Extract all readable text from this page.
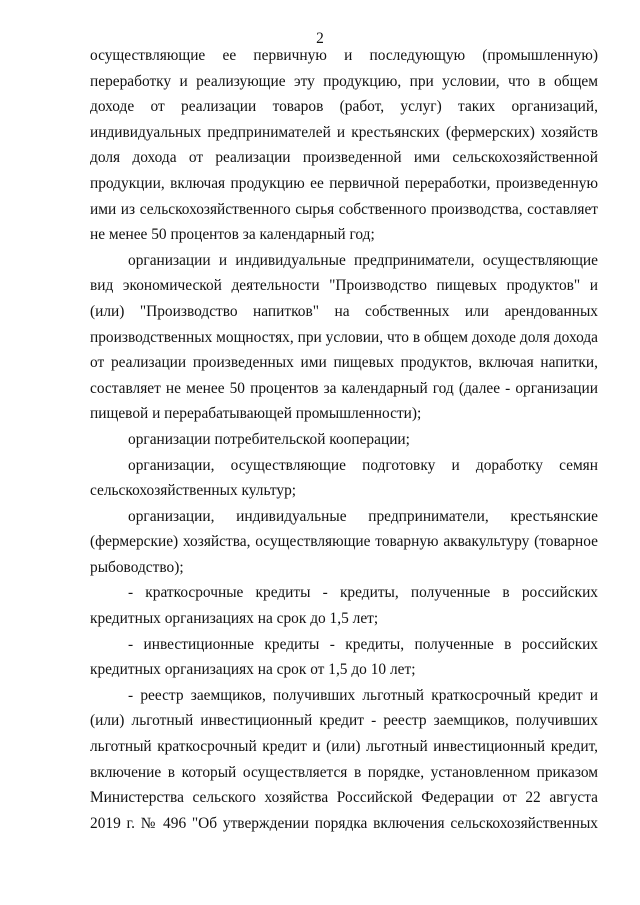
2
осуществляющие ее первичную и последующую (промышленную)
переработку и реализующие эту продукцию, при условии, что в общем
доходе от реализации товаров (работ, услуг) таких организаций,
индивидуальных предпринимателей и крестьянских (фермерских) хозяйств
доля дохода от реализации произведенной ими сельскохозяйственной
продукции, включая продукцию ее первичной переработки, произведенную
ими из сельскохозяйственного сырья собственного производства, составляет
не менее 50 процентов за календарный год;
организации и индивидуальные предприниматели, осуществляющие
вид экономической деятельности "Производство пищевых продуктов" и
(или) "Производство напитков" на собственных или арендованных
производственных мощностях, при условии, что в общем доходе доля дохода
от реализации произведенных ими пищевых продуктов, включая напитки,
составляет не менее 50 процентов за календарный год (далее - организации
пищевой и перерабатывающей промышленности);
организации потребительской кооперации;
организации, осуществляющие подготовку и доработку семян
сельскохозяйственных культур;
организации, индивидуальные предприниматели, крестьянские
(фермерские) хозяйства, осуществляющие товарную аквакультуру (товарное
рыбоводство);
- краткосрочные кредиты - кредиты, полученные в российских
кредитных организациях на срок до 1,5 лет;
- инвестиционные кредиты - кредиты, полученные в российских
кредитных организациях на срок от 1,5 до 10 лет;
- реестр заемщиков, получивших льготный краткосрочный кредит и
(или) льготный инвестиционный кредит - реестр заемщиков, получивших
льготный краткосрочный кредит и (или) льготный инвестиционный кредит,
включение в который осуществляется в порядке, установленном приказом
Министерства сельского хозяйства Российской Федерации от 22 августа
2019 г. № 496 "Об утверждении порядка включения сельскохозяйственных
